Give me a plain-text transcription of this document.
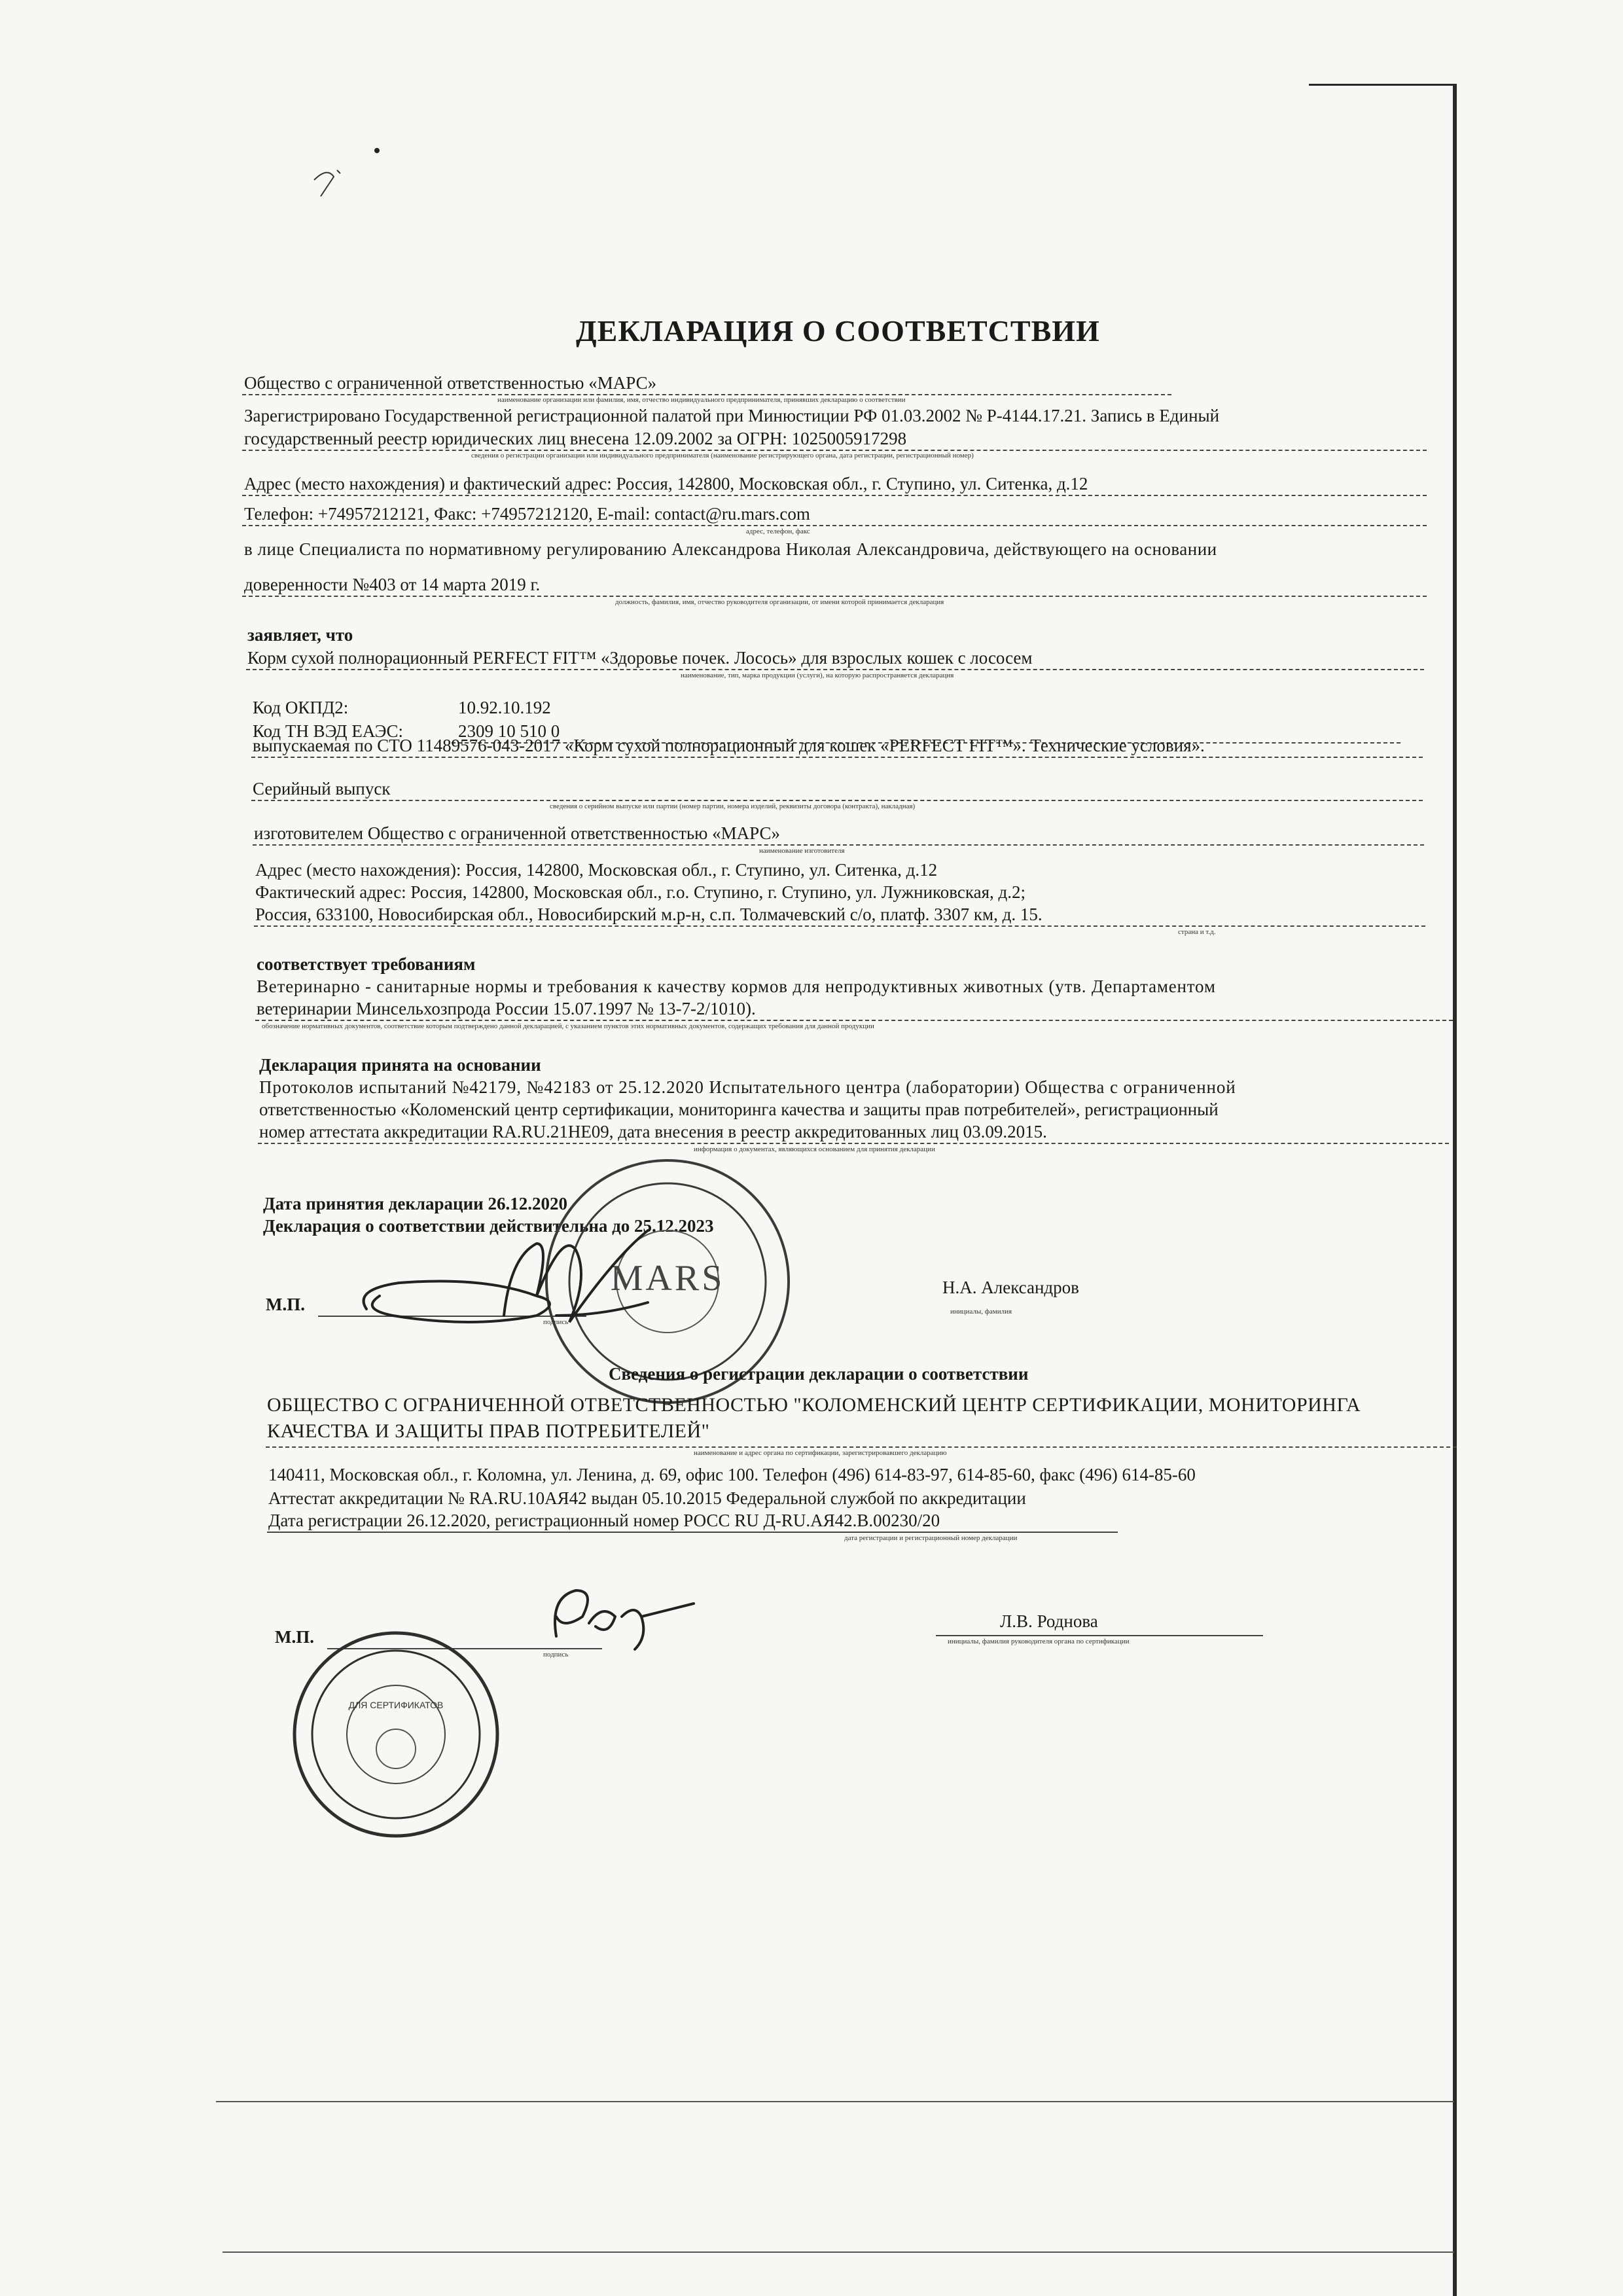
ДЕКЛАРАЦИЯ О СООТВЕТСТВИИ
Общество с ограниченной ответственностью «МАРС»
наименование организации или фамилия, имя, отчество индивидуального предпринимателя, принявших декларацию о соответствии
Зарегистрировано Государственной регистрационной палатой при Минюстиции РФ 01.03.2002 № Р-4144.17.21. Запись в Единый
государственный реестр юридических лиц внесена 12.09.2002 за ОГРН: 1025005917298
сведения о регистрации организации или индивидуального предпринимателя (наименование регистрирующего органа, дата регистрации, регистрационный номер)
Адрес (место нахождения) и фактический адрес: Россия, 142800, Московская обл., г. Ступино, ул. Ситенка, д.12
Телефон: +74957212121, Факс: +74957212120, E-mail: contact@ru.mars.com
адрес, телефон, факс
в лице Специалиста по нормативному регулированию Александрова Николая Александровича, действующего на основании
доверенности №403 от 14 марта 2019 г.
должность, фамилия, имя, отчество руководителя организации, от имени которой принимается декларация
заявляет, что
Корм сухой полнорационный PERFECT FIT™ «Здоровье почек. Лосось» для взрослых кошек с лососем
наименование, тип, марка продукции (услуги), на которую распространяется декларация
Код ОКПД2:	10.92.10.192
Код ТН ВЭД ЕАЭС:	2309 10 510 0
выпускаемая по СТО 11489576-043-2017 «Корм сухой полнорационный для кошек «PERFECT FIT™». Технические условия».
Серийный выпуск
сведения о серийном выпуске или партии (номер партии, номера изделий, реквизиты договора (контракта), накладная)
изготовителем Общество с ограниченной ответственностью «МАРС»
наименование изготовителя
Адрес (место нахождения): Россия, 142800, Московская обл., г. Ступино, ул. Ситенка, д.12
Фактический адрес: Россия, 142800, Московская обл., г.о. Ступино, г. Ступино, ул. Лужниковская, д.2;
Россия, 633100, Новосибирская обл., Новосибирский м.р-н, с.п. Толмачевский с/о, платф. 3307 км, д. 15.
страна и т.д.
соответствует требованиям
Ветеринарно - санитарные нормы и требования к качеству кормов для непродуктивных животных (утв. Департаментом
ветеринарии Минсельхозпрода России 15.07.1997 № 13-7-2/1010).
обозначение нормативных документов, соответствие которым подтверждено данной декларацией, с указанием пунктов этих нормативных документов, содержащих требования для данной продукции
Декларация принята на основании
Протоколов испытаний №42179, №42183 от 25.12.2020 Испытательного центра (лаборатории) Общества с ограниченной
ответственностью «Коломенский центр сертификации, мониторинга качества и защиты прав потребителей», регистрационный
номер аттестата аккредитации RA.RU.21НЕ09, дата внесения в реестр аккредитованных лиц 03.09.2015.
информация о документах, являющихся основанием для принятия декларации
Дата принятия декларации 26.12.2020
Декларация о соответствии действительна до 25.12.2023
М.П.
подпись
Н.А. Александров
инициалы, фамилия
MARS
Сведения о регистрации декларации о соответствии
ОБЩЕСТВО С ОГРАНИЧЕННОЙ ОТВЕТСТВЕННОСТЬЮ "КОЛОМЕНСКИЙ ЦЕНТР СЕРТИФИКАЦИИ, МОНИТОРИНГА
КАЧЕСТВА И ЗАЩИТЫ ПРАВ ПОТРЕБИТЕЛЕЙ"
наименование и адрес органа по сертификации, зарегистрировавшего декларацию
140411, Московская обл., г. Коломна, ул. Ленина, д. 69, офис 100. Телефон (496) 614-83-97, 614-85-60, факс (496) 614-85-60
Аттестат аккредитации № RA.RU.10АЯ42 выдан 05.10.2015 Федеральной службой по аккредитации
Дата регистрации 26.12.2020, регистрационный номер РОСС RU Д-RU.АЯ42.В.00230/20
дата регистрации и регистрационный номер декларации
М.П.
подпись
Л.В. Роднова
инициалы, фамилия руководителя органа по сертификации
ДЛЯ СЕРТИФИКАТОВ
